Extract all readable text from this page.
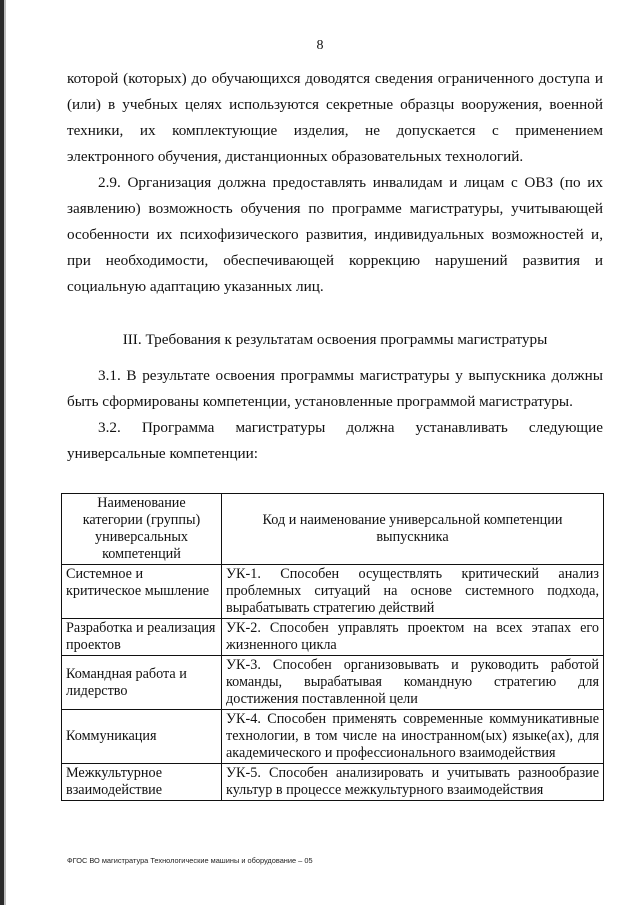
8

которой (которых) до обучающихся доводятся сведения ограниченного доступа и (или) в учебных целях используются секретные образцы вооружения, военной техники, их комплектующие изделия, не допускается с применением электронного обучения, дистанционных образовательных технологий.

2.9. Организация должна предоставлять инвалидам и лицам с ОВЗ (по их заявлению) возможность обучения по программе магистратуры, учитывающей особенности их психофизического развития, индивидуальных возможностей и, при необходимости, обеспечивающей коррекцию нарушений развития и социальную адаптацию указанных лиц.

III. Требования к результатам освоения программы магистратуры

3.1. В результате освоения программы магистратуры у выпускника должны быть сформированы компетенции, установленные программой магистратуры.

3.2. Программа магистратуры должна устанавливать следующие универсальные компетенции:

Наименование категории (группы) универсальных компетенций	Код и наименование универсальной компетенции выпускника
Системное и критическое мышление	УК-1. Способен осуществлять критический анализ проблемных ситуаций на основе системного подхода, вырабатывать стратегию действий
Разработка и реализация проектов	УК-2. Способен управлять проектом на всех этапах его жизненного цикла
Командная работа и лидерство	УК-3. Способен организовывать и руководить работой команды, вырабатывая командную стратегию для достижения поставленной цели
Коммуникация	УК-4. Способен применять современные коммуникативные технологии, в том числе на иностранном(ых) языке(ах), для академического и профессионального взаимодействия
Межкультурное взаимодействие	УК-5. Способен анализировать и учитывать разнообразие культур в процессе межкультурного взаимодействия
ФГОС ВО магистратура Технологические машины и оборудование – 05
